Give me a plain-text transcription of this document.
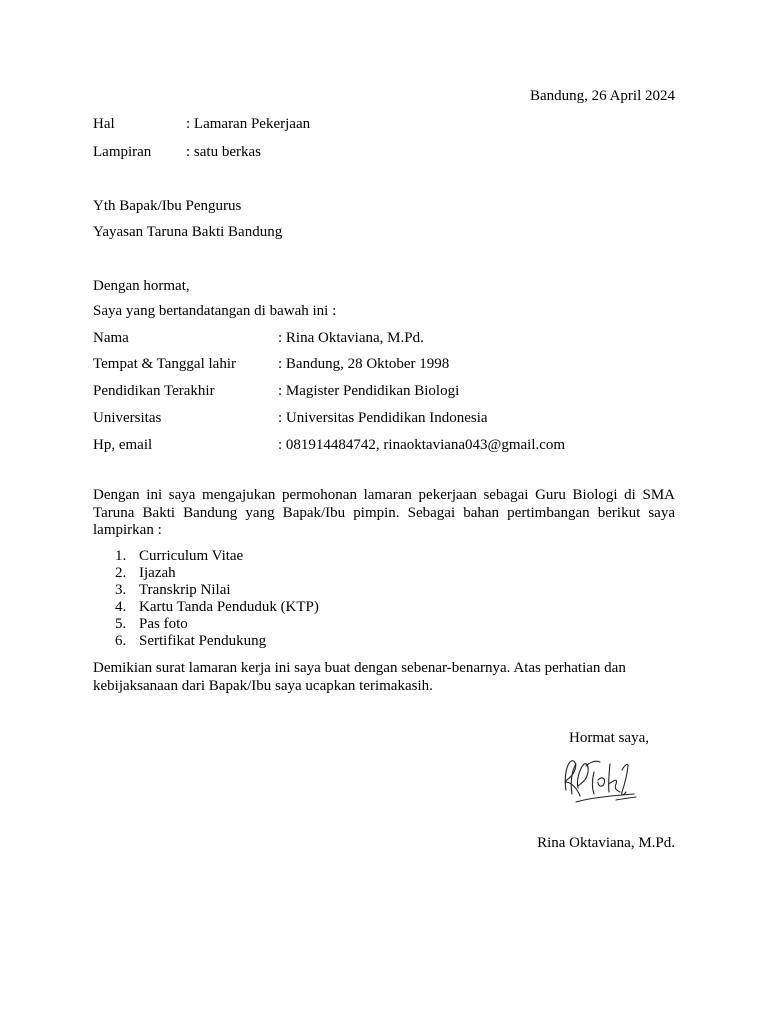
Bandung, 26 April 2024
Hal	: Lamaran Pekerjaan
Lampiran : satu berkas
Yth Bapak/Ibu Pengurus
Yayasan Taruna Bakti Bandung
Dengan hormat,
Saya yang bertandatangan di bawah ini :
Nama	: Rina Oktaviana, M.Pd.
Tempat & Tanggal lahir	: Bandung, 28 Oktober 1998
Pendidikan Terakhir	: Magister Pendidikan Biologi
Universitas	: Universitas Pendidikan Indonesia
Hp, email	: 081914484742, rinaoktaviana043@gmail.com
Dengan ini saya mengajukan permohonan lamaran pekerjaan sebagai Guru Biologi di SMA Taruna Bakti Bandung yang Bapak/Ibu pimpin. Sebagai bahan pertimbangan berikut saya lampirkan :
1. Curriculum Vitae
2. Ijazah
3. Transkrip Nilai
4. Kartu Tanda Penduduk (KTP)
5. Pas foto
6. Sertifikat Pendukung
Demikian surat lamaran kerja ini saya buat dengan sebenar-benarnya. Atas perhatian dan kebijaksanaan dari Bapak/Ibu saya ucapkan terimakasih.
Hormat saya,
Rina Oktaviana, M.Pd.
